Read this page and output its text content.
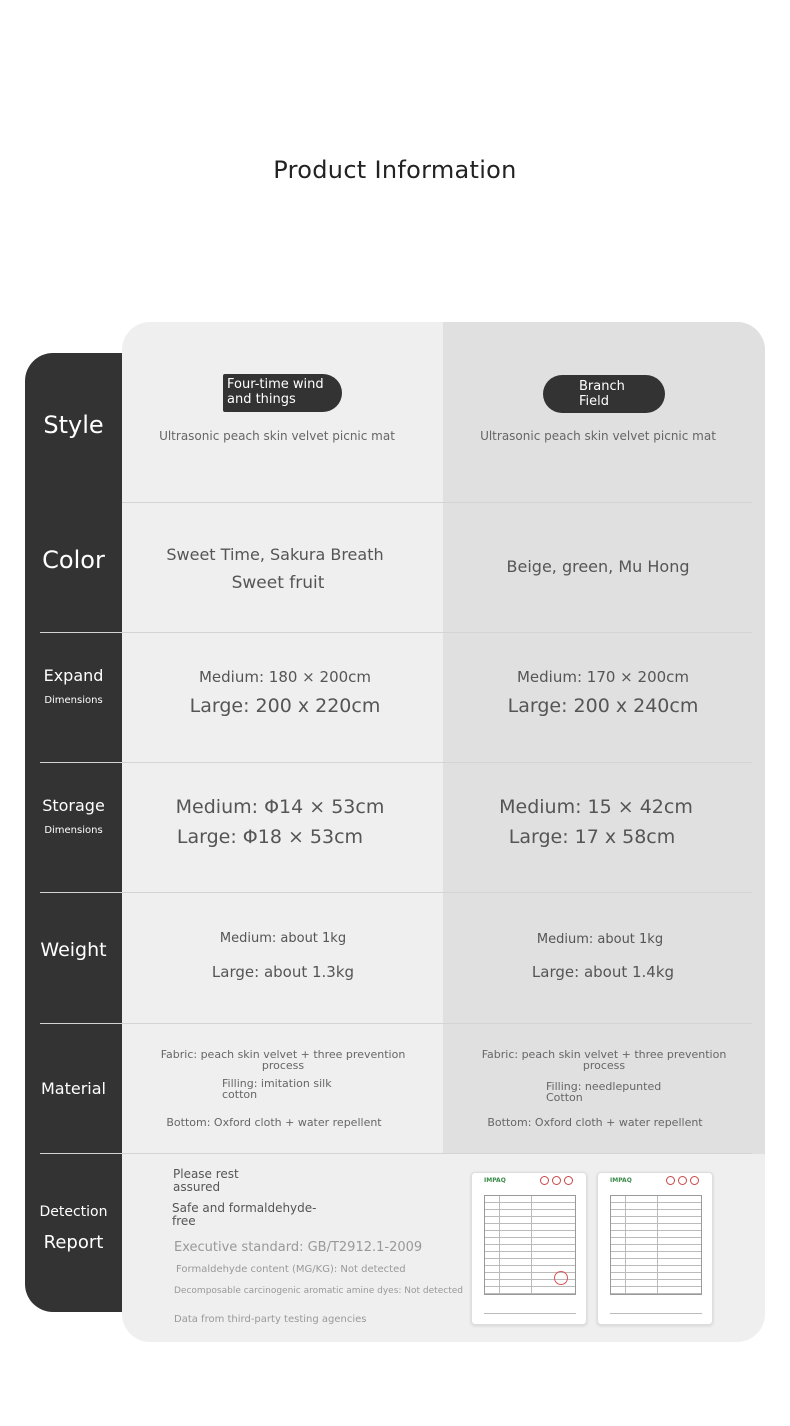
Product Information
Style
Color
Expand
Dimensions
Storage
Dimensions
Weight
Material
Detection
Report
Four-time wind
and things
Ultrasonic peach skin velvet picnic mat
Branch
Field
Ultrasonic peach skin velvet picnic mat
Sweet Time, Sakura Breath
Sweet fruit
Beige, green, Mu Hong
Medium: 180 × 200cm
Large: 200 x 220cm
Medium: 170 × 200cm
Large: 200 x 240cm
Medium: Φ14 × 53cm
Large: Φ18 × 53cm
Medium: 15 × 42cm
Large: 17 x 58cm
Medium: about 1kg
Large: about 1.3kg
Medium: about 1kg
Large: about 1.4kg
Fabric: peach skin velvet + three prevention
process
Filling: imitation silk
cotton
Bottom: Oxford cloth + water repellent
Fabric: peach skin velvet + three prevention
process
Filling: needlepunted
Cotton
Bottom: Oxford cloth + water repellent
Please rest
assured
Safe and formaldehyde-
free
Executive standard: GB/T2912.1-2009
Formaldehyde content (MG/KG): Not detected
Decomposable carcinogenic aromatic amine dyes: Not detected
Data from third-party testing agencies
IMPAQ	IMPAQ
